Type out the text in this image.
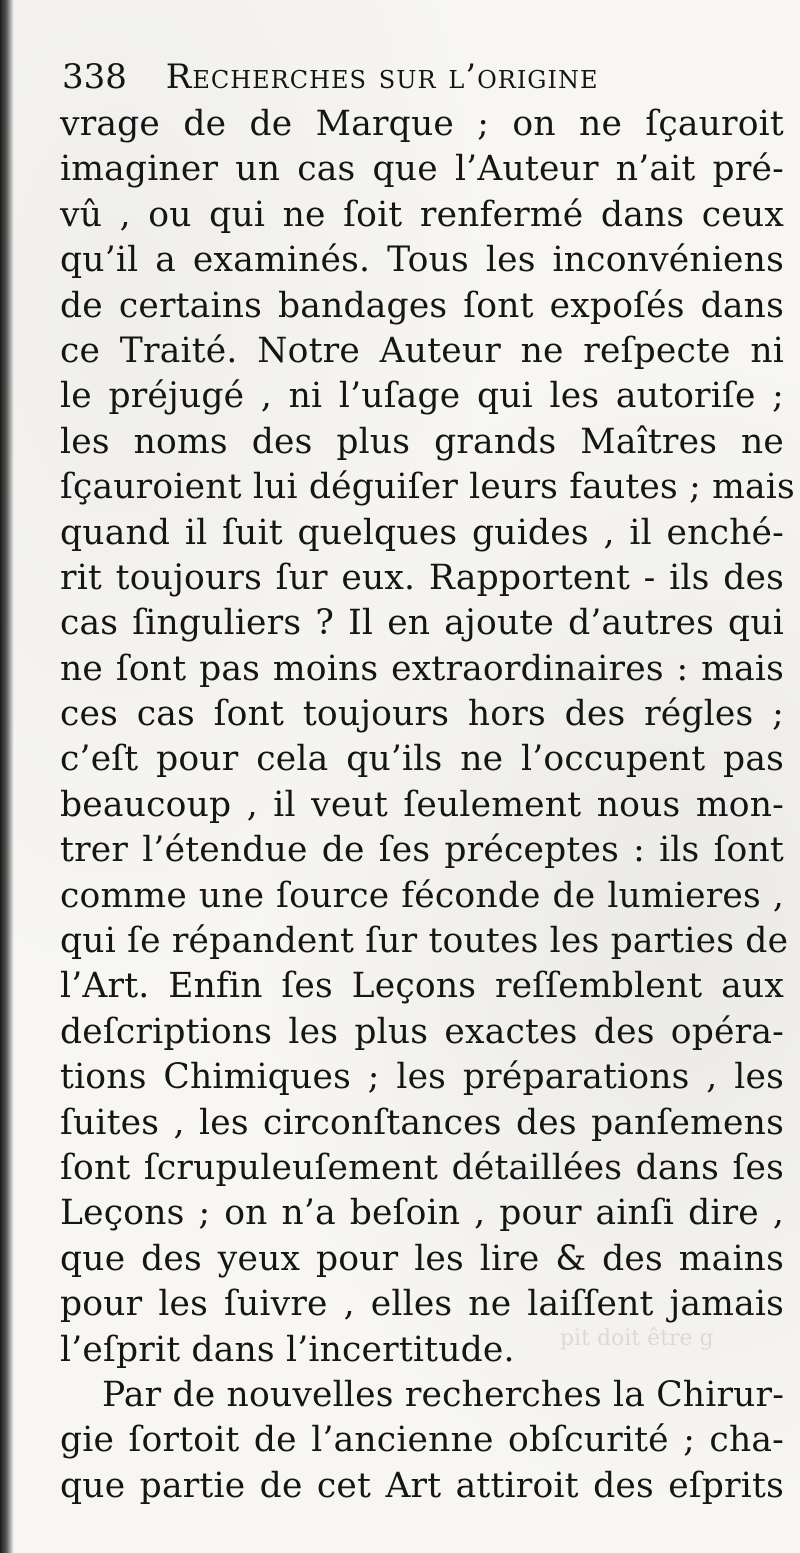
338 Recherches sur l’origine
vrage de de Marque ; on ne ſçauroit
imaginer un cas que l’Auteur n’ait pré-
vû , ou qui ne ſoit renfermé dans ceux
qu’il a examinés. Tous les inconvéniens
de certains bandages ſont expoſés dans
ce Traité. Notre Auteur ne reſpecte ni
le préjugé , ni l’uſage qui les autoriſe ;
les noms des plus grands Maîtres ne
ſçauroient lui déguiſer leurs fautes ; mais
quand il ſuit quelques guides , il enché-
rit toujours ſur eux. Rapportent - ils des
cas ſinguliers ? Il en ajoute d’autres qui
ne ſont pas moins extraordinaires : mais
ces cas ſont toujours hors des régles ;
c’eſt pour cela qu’ils ne l’occupent pas
beaucoup , il veut ſeulement nous mon-
trer l’étendue de ſes préceptes : ils ſont
comme une ſource féconde de lumieres ,
qui ſe répandent ſur toutes les parties de
l’Art. Enfin ſes Leçons reſſemblent aux
deſcriptions les plus exactes des opéra-
tions Chimiques ; les préparations , les
ſuites , les circonſtances des panſemens
ſont ſcrupuleuſement détaillées dans ſes
Leçons ; on n’a beſoin , pour ainſi dire ,
que des yeux pour les lire & des mains
pour les ſuivre , elles ne laiſſent jamais
l’eſprit dans l’incertitude.
Par de nouvelles recherches la Chirur-
gie ſortoit de l’ancienne obſcurité ; cha-
que partie de cet Art attiroit des eſprits
pit doit être g
